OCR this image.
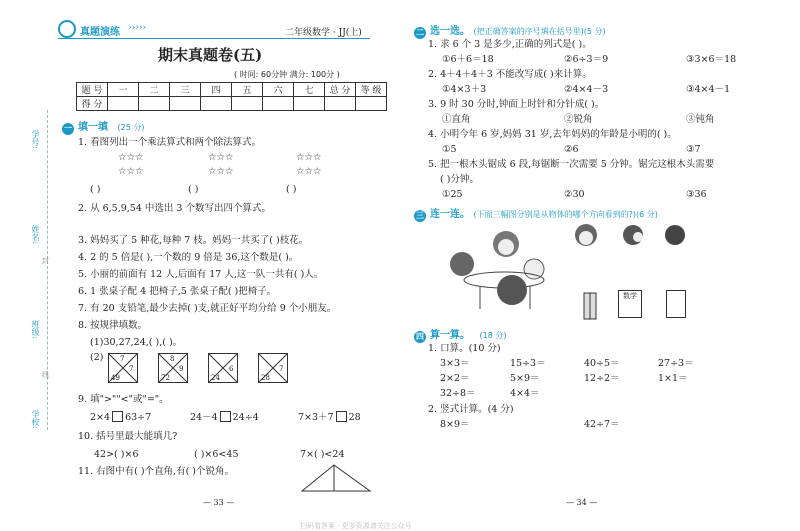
真题演练 ›››››	二年级数学 · JJ(上)
期末真题卷(五)
( 时间: 60分钟 满分: 100分 )
题 号	一	二	三	四	五	六	七	总 分	等 级
得 分									
学号:
姓名:
封
班级:
线
学校:
一 填一填 (25 分)
1. 看图列出一个乘法算式和两个除法算式。
☆☆☆	☆☆☆	☆☆☆
☆☆☆	☆☆☆	☆☆☆
( )	( )	( )
2. 从 6,5,9,54 中选出 3 个数写出四个算式。
3. 妈妈买了 5 种花,每种 7 枝。妈妈一共买了( )枝花。
4. 2 的 5 倍是( ),一个数的 9 倍是 36,这个数是( )。
5. 小丽的前面有 12 人,后面有 17 人,这一队一共有( )人。
6. 1 张桌子配 4 把椅子,5 张桌子配( )把椅子。
7. 有 20 支铅笔,最少去掉( )支,就正好平均分给 9 个小朋友。
8. 按规律填数。
(1)30,27,24,( ),( )。
(2) 7
7
49
8
9
72
6
24
7
28
9. 填">""<"或"="。
2×4 63÷7	24－4 24÷4	7×3＋7 28
10. 括号里最大能填几?
42>( )×6	( )×6<45	7×( )<24
11. 右图中有( )个直角,有( )个锐角。
— 33 —
二 选一选。 (把正确答案的序号填在括号里)(5 分)
1. 求 6 个 3 是多少,正确的列式是( )。
①6＋6＝18	②6÷3＝9	③3×6＝18
2. 4＋4＋4＋3 不能改写成( )来计算。
①4×3＋3	②4×4－3	③4×4－1
3. 9 时 30 分时,钟面上时针和分针成( )。
①直角	②锐角	③钝角
4. 小明今年 6 岁,妈妈 31 岁,去年妈妈的年龄是小明的( )。
①5	②6	③7
5. 把一根木头锯成 6 段,每锯断一次需要 5 分钟。锯完这根木头需要
( )分钟。
①25	②30	③36
三 连一连。 (下面三幅图分别是从物体的哪个方向看到的?)(6 分)
数学
四 算一算。 (18 分)
1. 口算。(10 分)
3×3＝	15÷3＝	40÷5＝	27÷3＝
2×2＝	5×9＝	12÷2＝	1×1＝
32÷8＝	4×4＝
2. 竖式计算。(4 分)
8×9＝	42÷7＝
— 34 —
扫码看答案 · 更多资源请关注公众号
